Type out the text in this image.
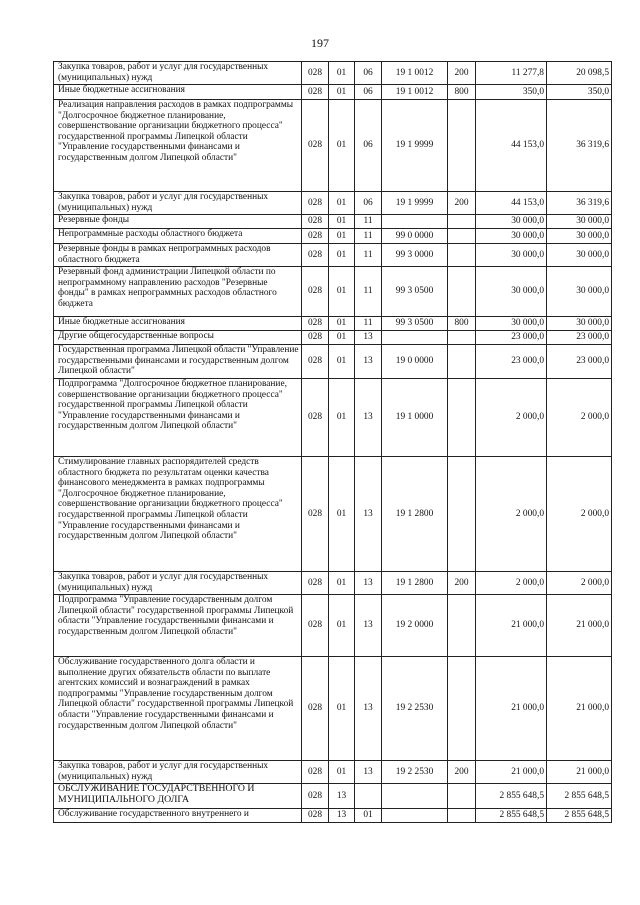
197
Закупка товаров, работ и услуг для государственных (муниципальных) нужд	028	01	06	19 1 0012	200	11 277,8	20 098,5
Иные бюджетные ассигнования	028	01	06	19 1 0012	800	350,0	350,0
Реализация направления расходов в рамках подпрограммы "Долгосрочное бюджетное планирование, совершенствование организации бюджетного процесса" государственной программы Липецкой области "Управление государственными финансами и государственным долгом Липецкой области"	028	01	06	19 1 9999		44 153,0	36 319,6
Закупка товаров, работ и услуг для государственных (муниципальных) нужд	028	01	06	19 1 9999	200	44 153,0	36 319,6
Резервные фонды	028	01	11			30 000,0	30 000,0
Непрограммные расходы областного бюджета	028	01	11	99 0 0000		30 000,0	30 000,0
Резервные фонды в рамках непрограммных расходов областного бюджета	028	01	11	99 3 0000		30 000,0	30 000,0
Резервный фонд администрации Липецкой области по непрограммному направлению расходов "Резервные фонды" в рамках непрограммных расходов областного бюджета	028	01	11	99 3 0500		30 000,0	30 000,0
Иные бюджетные ассигнования	028	01	11	99 3 0500	800	30 000,0	30 000,0
Другие общегосударственные вопросы	028	01	13			23 000,0	23 000,0
Государственная программа Липецкой области "Управление государственными финансами и государственным долгом Липецкой области"	028	01	13	19 0 0000		23 000,0	23 000,0
Подпрограмма "Долгосрочное бюджетное планирование, совершенствование организации бюджетного процесса" государственной программы Липецкой области "Управление государственными финансами и государственным долгом Липецкой области"	028	01	13	19 1 0000		2 000,0	2 000,0
Стимулирование главных распорядителей средств областного бюджета по результатам оценки качества финансового менеджмента в рамках подпрограммы "Долгосрочное бюджетное планирование, совершенствование организации бюджетного процесса" государственной программы Липецкой области "Управление государственными финансами и государственным долгом Липецкой области"	028	01	13	19 1 2800		2 000,0	2 000,0
Закупка товаров, работ и услуг для государственных (муниципальных) нужд	028	01	13	19 1 2800	200	2 000,0	2 000,0
Подпрограмма "Управление государственным долгом Липецкой области" государственной программы Липецкой области "Управление государственными финансами и государственным долгом Липецкой области"	028	01	13	19 2 0000		21 000,0	21 000,0
Обслуживание государственного долга области и выполнение других обязательств области по выплате агентских комиссий и вознаграждений в рамках подпрограммы "Управление государственным долгом Липецкой области" государственной программы Липецкой области "Управление государственными финансами и государственным долгом Липецкой области"	028	01	13	19 2 2530		21 000,0	21 000,0
Закупка товаров, работ и услуг для государственных (муниципальных) нужд	028	01	13	19 2 2530	200	21 000,0	21 000,0
ОБСЛУЖИВАНИЕ ГОСУДАРСТВЕННОГО И МУНИЦИПАЛЬНОГО ДОЛГА	028	13				2 855 648,5	2 855 648,5
Обслуживание государственного внутреннего и	028	13	01			2 855 648,5	2 855 648,5
